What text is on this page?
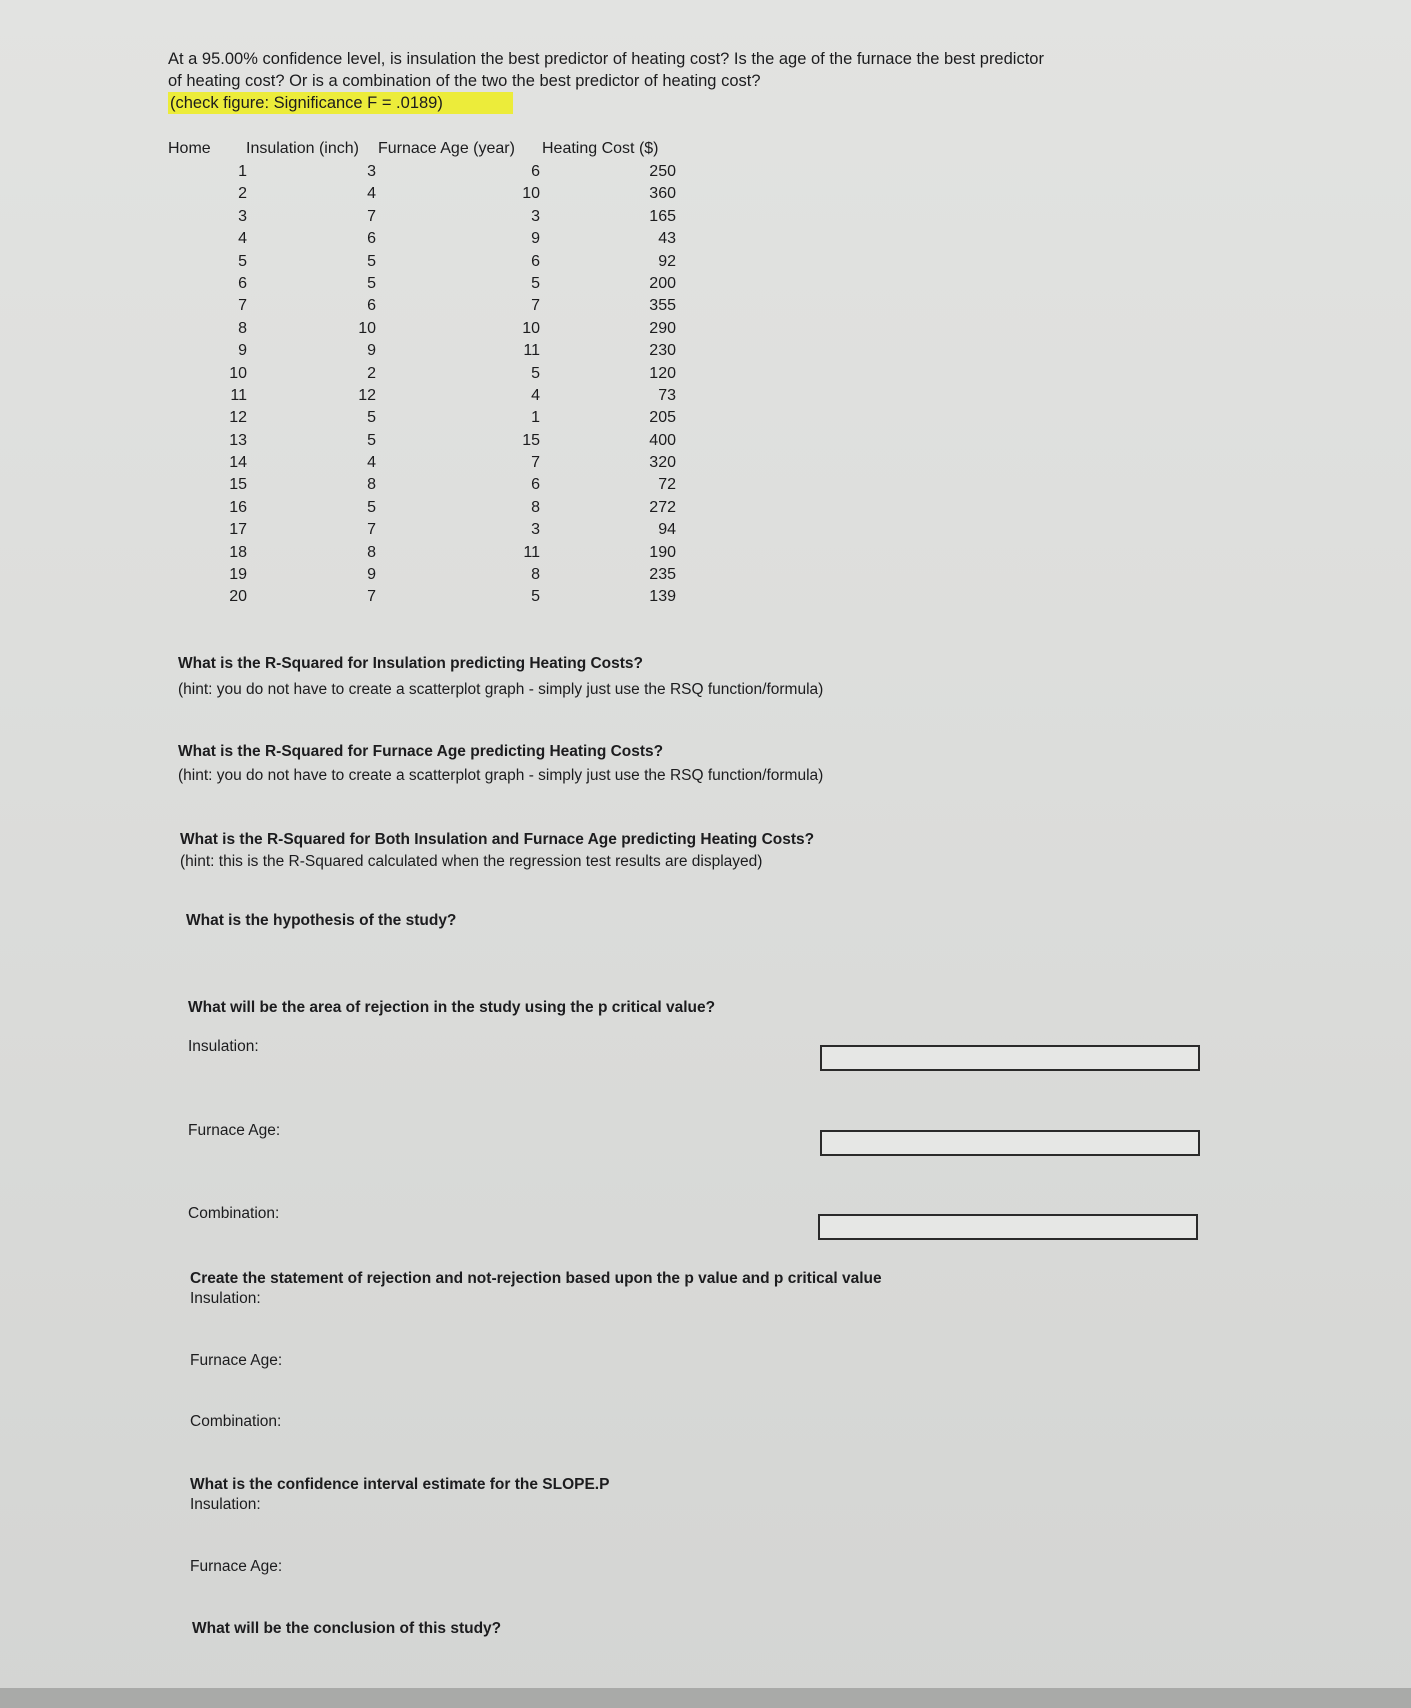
At a 95.00% confidence level, is insulation the best predictor of heating cost? Is the age of the furnace the best predictor
of heating cost? Or is a combination of the two the best predictor of heating cost?
(check figure: Significance F = .0189)
Home Insulation (inch) Furnace Age (year) Heating Cost ($)
1
2
3
4
5
6
7
8
9
10
11
12
13
14
15
16
17
18
19
20
3
4
7
6
5
5
6
10
9
2
12
5
5
4
8
5
7
8
9
7
6
10
3
9
6
5
7
10
11
5
4
1
15
7
6
8
3
11
8
5
250
360
165
43
92
200
355
290
230
120
73
205
400
320
72
272
94
190
235
139
What is the R-Squared for Insulation predicting Heating Costs?
(hint: you do not have to create a scatterplot graph - simply just use the RSQ function/formula)
What is the R-Squared for Furnace Age predicting Heating Costs?
(hint: you do not have to create a scatterplot graph - simply just use the RSQ function/formula)
What is the R-Squared for Both Insulation and Furnace Age predicting Heating Costs?
(hint: this is the R-Squared calculated when the regression test results are displayed)
What is the hypothesis of the study?
What will be the area of rejection in the study using the p critical value?
Insulation:
Furnace Age:
Combination:
Create the statement of rejection and not-rejection based upon the p value and p critical value
Insulation:
Furnace Age:
Combination:
What is the confidence interval estimate for the SLOPE.P
Insulation:
Furnace Age:
What will be the conclusion of this study?
